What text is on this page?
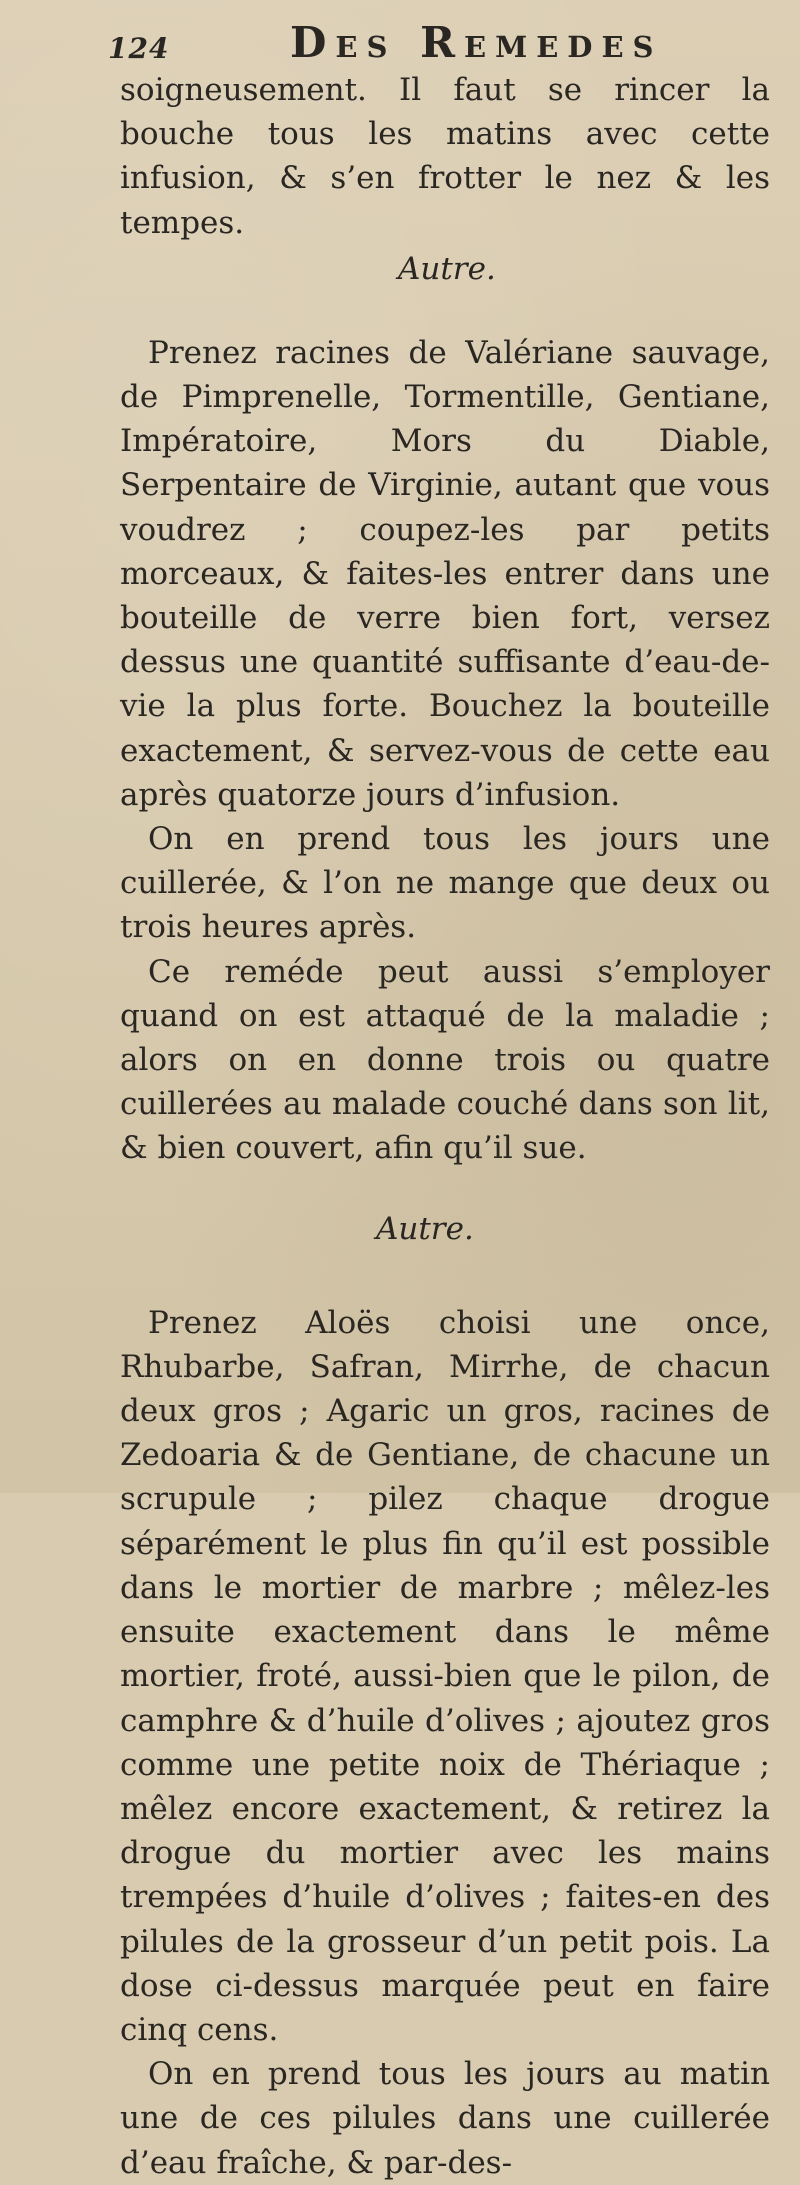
124	Des Remedes

soigneusement. Il faut se rincer la bouche tous les matins avec cette infusion, & s’en frotter le nez & les tempes.

Autre.

Prenez racines de Valériane sauvage, de Pimprenelle, Tormentille, Gentiane, Impératoire, Mors du Diable, Serpentaire de Virginie, autant que vous voudrez ; coupez-les par petits morceaux, & faites-les entrer dans une bouteille de verre bien fort, versez dessus une quantité suffisante d’eau-de-vie la plus forte. Bouchez la bouteille exactement, & servez-vous de cette eau après quatorze jours d’infusion.

On en prend tous les jours une cuillerée, & l’on ne mange que deux ou trois heures après.

Ce reméde peut aussi s’employer quand on est attaqué de la maladie ; alors on en donne trois ou quatre cuillerées au malade couché dans son lit, & bien couvert, afin qu’il sue.

Autre.

Prenez Aloës choisi une once, Rhubarbe, Safran, Mirrhe, de chacun deux gros ; Agaric un gros, racines de Zedoaria & de Gentiane, de chacune un scrupule ; pilez chaque drogue séparément le plus fin qu’il est possible dans le mortier de marbre ; mêlez-les ensuite exactement dans le même mortier, froté, aussi-bien que le pilon, de camphre & d’huile d’olives ; ajoutez gros comme une petite noix de Thériaque ; mêlez encore exactement, & retirez la drogue du mortier avec les mains trempées d’huile d’olives ; faites-en des pilules de la grosseur d’un petit pois. La dose ci-dessus marquée peut en faire cinq cens.

On en prend tous les jours au matin une de ces pilules dans une cuillerée d’eau fraîche, & par-des-
